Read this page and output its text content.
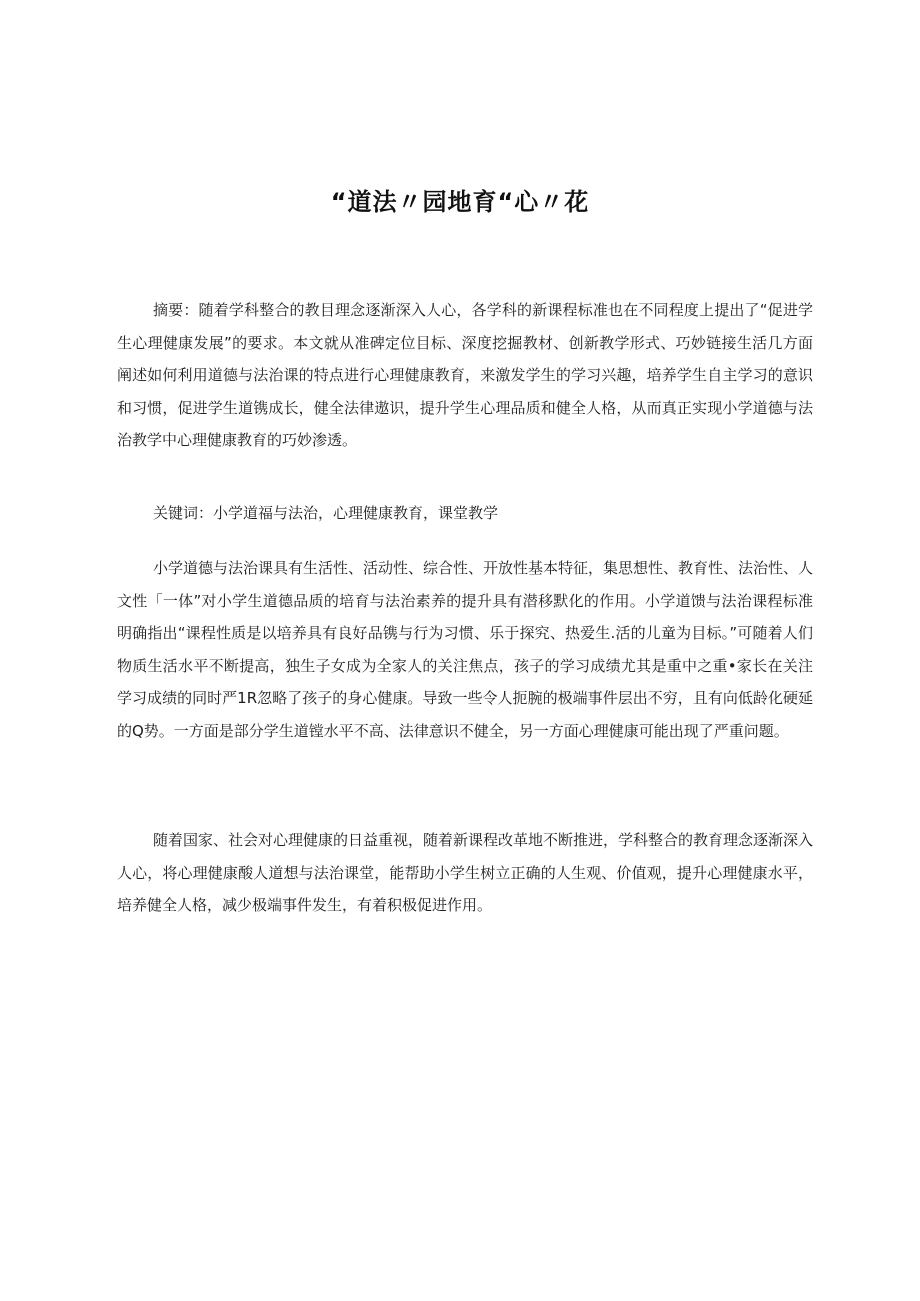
“道法〃园地育“心〃花

摘要：随着学科整合的教目理念逐渐深入人心，各学科的新课程标准也在不同程度上提出了“促进学生心理健康发展”的要求。本文就从准碑定位目标、深度挖掘教材、创新教学形式、巧妙链接生活几方面阐述如何利用道德与法治课的特点进行心理健康教育，来激发学生的学习兴趣，培养学生自主学习的意识和习惯，促进学生道镌成长，健全法律遨识，提升学生心理品质和健全人格，从而真正实现小学道德与法治教学中心理健康教育的巧妙渗透。

关键词：小学道福与法治，心理健康教育，课堂教学

小学道德与法治课具有生活性、活动性、综合性、开放性基本特征，集思想性、教育性、法治性、人文性「一体”对小学生道德品质的培育与法治素养的提升具有潜移默化的作用。小学道馈与法治课程标准明确指出“课程性质是以培养具有良好品镌与行为习惯、乐于探究、热爱生.活的儿童为目标。”可随着人们物质生活水平不断提高，独生子女成为全家人的关注焦点，孩子的学习成绩尤其是重中之重•家长在关注学习成绩的同时严1R忽略了孩子的身心健康。导致一些令人扼腕的极端事件层出不穷，且有向低龄化硬延的Q势。一方面是部分学生道镗水平不高、法律意识不健全，另一方面心理健康可能出现了严重问题。

随着国家、社会对心理健康的日益重视，随着新课程改革地不断推进，学科整合的教育理念逐渐深入人心，将心理健康酸人道想与法治课堂，能帮助小学生树立正确的人生观、价值观，提升心理健康水平，培养健全人格，减少极端事件发生，有着积极促进作用。
